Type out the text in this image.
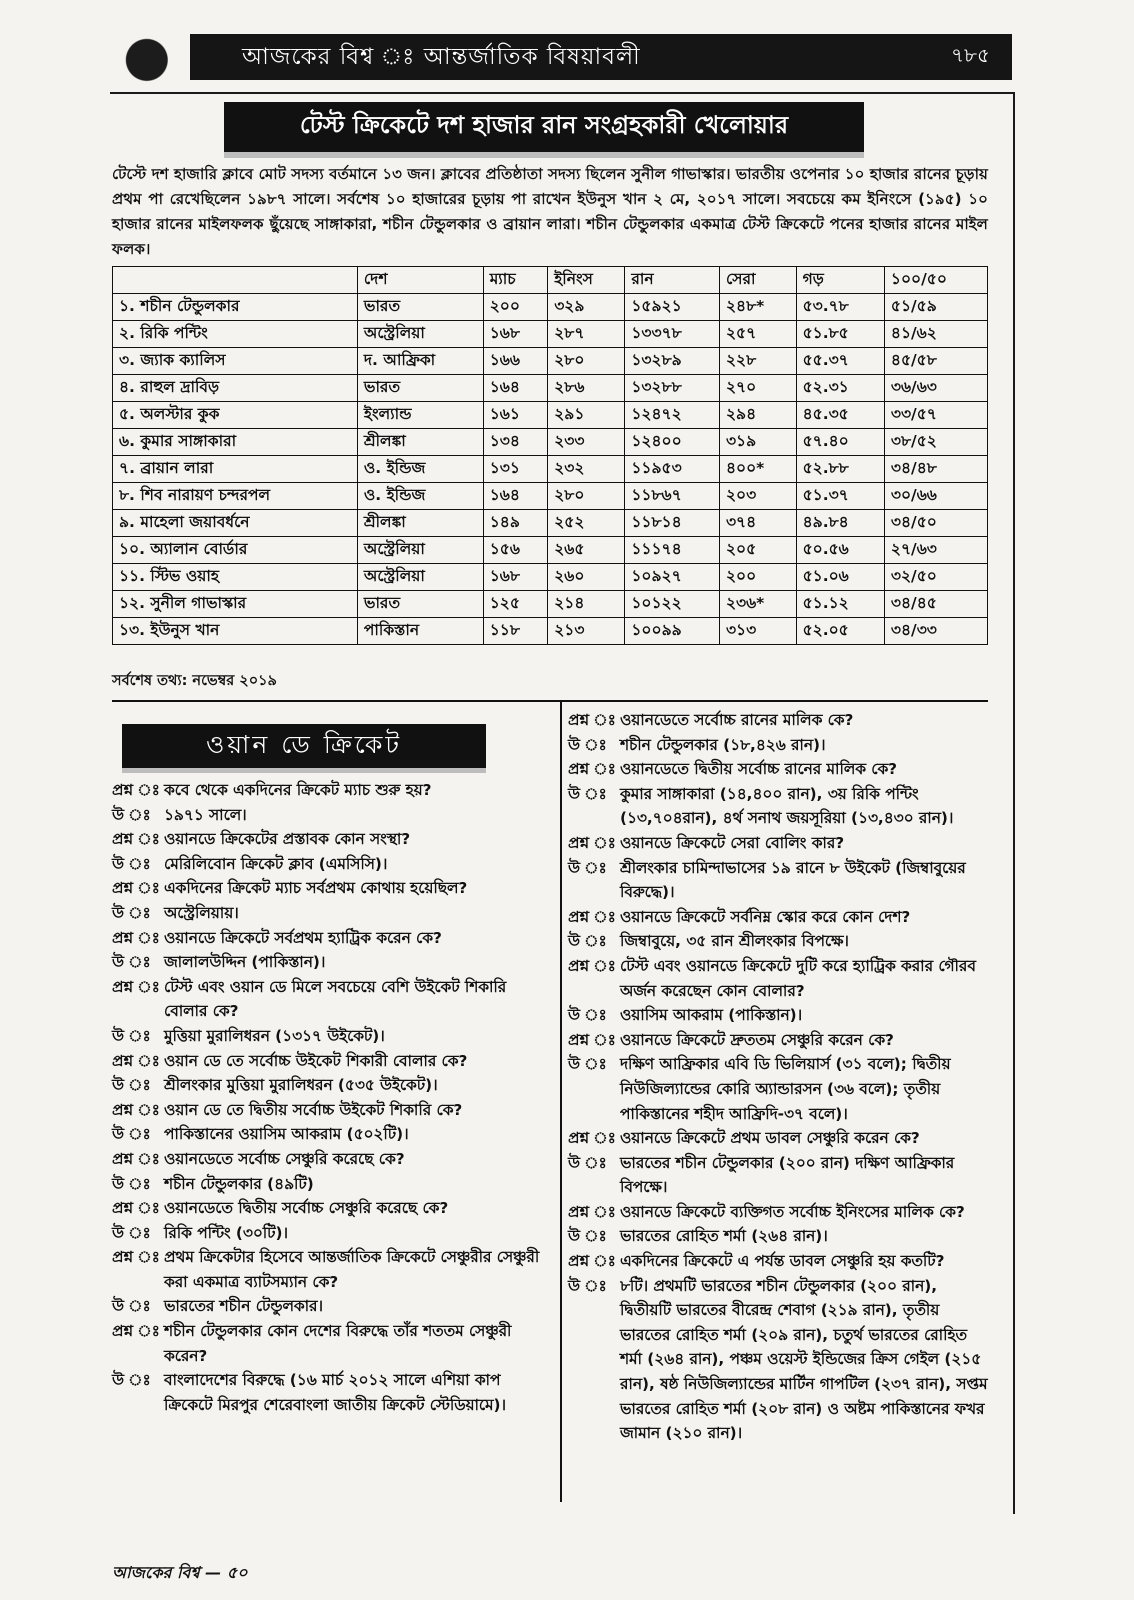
আজকের বিশ্ব ঃ আন্তর্জাতিক বিষয়াবলী	৭৮৫
টেস্ট ক্রিকেটে দশ হাজার রান সংগ্রহকারী খেলোয়ার
টেস্টে দশ হাজারি ক্লাবে মোট সদস্য বর্তমানে ১৩ জন। ক্লাবের প্রতিষ্ঠাতা সদস্য ছিলেন সুনীল গাভাস্কার। ভারতীয় ওপেনার ১০ হাজার রানের চূড়ায় প্রথম পা রেখেছিলেন ১৯৮৭ সালে। সর্বশেষ ১০ হাজারের চূড়ায় পা রাখেন ইউনুস খান ২ মে, ২০১৭ সালে। সবচেয়ে কম ইনিংসে (১৯৫) ১০ হাজার রানের মাইলফলক ছুঁয়েছে সাঙ্গাকারা, শচীন টেন্ডুলকার ও ব্রায়ান লারা। শচীন টেন্ডুলকার একমাত্র টেস্ট ক্রিকেটে পনের হাজার রানের মাইল ফলক।
	দেশ	ম্যাচ	ইনিংস	রান	সেরা	গড়	১০০/৫০
১. শচীন টেন্ডুলকার	ভারত	২০০	৩২৯	১৫৯২১	২৪৮*	৫৩.৭৮	৫১/৫৯
২. রিকি পন্টিং	অস্ট্রেলিয়া	১৬৮	২৮৭	১৩৩৭৮	২৫৭	৫১.৮৫	৪১/৬২
৩. জ্যাক ক্যালিস	দ. আফ্রিকা	১৬৬	২৮০	১৩২৮৯	২২৮	৫৫.৩৭	৪৫/৫৮
৪. রাহুল দ্রাবিড়	ভারত	১৬৪	২৮৬	১৩২৮৮	২৭০	৫২.৩১	৩৬/৬৩
৫. অলস্টার কুক	ইংল্যান্ড	১৬১	২৯১	১২৪৭২	২৯৪	৪৫.৩৫	৩৩/৫৭
৬. কুমার সাঙ্গাকারা	শ্রীলঙ্কা	১৩৪	২৩৩	১২৪০০	৩১৯	৫৭.৪০	৩৮/৫২
৭. ব্রায়ান লারা	ও. ইন্ডিজ	১৩১	২৩২	১১৯৫৩	৪০০*	৫২.৮৮	৩৪/৪৮
৮. শিব নারায়ণ চন্দরপল	ও. ইন্ডিজ	১৬৪	২৮০	১১৮৬৭	২০৩	৫১.৩৭	৩০/৬৬
৯. মাহেলা জয়াবর্ধনে	শ্রীলঙ্কা	১৪৯	২৫২	১১৮১৪	৩৭৪	৪৯.৮৪	৩৪/৫০
১০. অ্যালান বোর্ডার	অস্ট্রেলিয়া	১৫৬	২৬৫	১১১৭৪	২০৫	৫০.৫৬	২৭/৬৩
১১. স্টিভ ওয়াহ	অস্ট্রেলিয়া	১৬৮	২৬০	১০৯২৭	২০০	৫১.০৬	৩২/৫০
১২. সুনীল গাভাস্কার	ভারত	১২৫	২১৪	১০১২২	২৩৬*	৫১.১২	৩৪/৪৫
১৩. ইউনুস খান	পাকিস্তান	১১৮	২১৩	১০০৯৯	৩১৩	৫২.০৫	৩৪/৩৩
সর্বশেষ তথ্য: নভেম্বর ২০১৯
ওয়ান ডে ক্রিকেট
প্রশ্ন ঃ কবে থেকে একদিনের ক্রিকেট ম্যাচ শুরু হয়?
উ ঃ ১৯৭১ সালে।
প্রশ্ন ঃ ওয়ানডে ক্রিকেটের প্রস্তাবক কোন সংস্থা?
উ ঃ মেরিলিবোন ক্রিকেট ক্লাব (এমসিসি)।
প্রশ্ন ঃ একদিনের ক্রিকেট ম্যাচ সর্বপ্রথম কোথায় হয়েছিল?
উ ঃ অস্ট্রেলিয়ায়।
প্রশ্ন ঃ ওয়ানডে ক্রিকেটে সর্বপ্রথম হ্যাট্রিক করেন কে?
উ ঃ জালালউদ্দিন (পাকিস্তান)।
প্রশ্ন ঃ টেস্ট এবং ওয়ান ডে মিলে সবচেয়ে বেশি উইকেট শিকারি বোলার কে?
উ ঃ মুত্তিয়া মুরালিধরন (১৩১৭ উইকেট)।
প্রশ্ন ঃ ওয়ান ডে তে সর্বোচ্চ উইকেট শিকারী বোলার কে?
উ ঃ শ্রীলংকার মুত্তিয়া মুরালিধরন (৫৩৫ উইকেট)।
প্রশ্ন ঃ ওয়ান ডে তে দ্বিতীয় সর্বোচ্চ উইকেট শিকারি কে?
উ ঃ পাকিস্তানের ওয়াসিম আকরাম (৫০২টি)।
প্রশ্ন ঃ ওয়ানডেতে সর্বোচ্চ সেঞ্চুরি করেছে কে?
উ ঃ শচীন টেন্ডুলকার (৪৯টি)
প্রশ্ন ঃ ওয়ানডেতে দ্বিতীয় সর্বোচ্চ সেঞ্চুরি করেছে কে?
উ ঃ রিকি পন্টিং (৩০টি)।
প্রশ্ন ঃ প্রথম ক্রিকেটার হিসেবে আন্তর্জাতিক ক্রিকেটে সেঞ্চুরীর সেঞ্চুরী করা একমাত্র ব্যাটসম্যান কে?
উ ঃ ভারতের শচীন টেন্ডুলকার।
প্রশ্ন ঃ শচীন টেন্ডুলকার কোন দেশের বিরুদ্ধে তাঁর শততম সেঞ্চুরী করেন?
উ ঃ বাংলাদেশের বিরুদ্ধে (১৬ মার্চ ২০১২ সালে এশিয়া কাপ ক্রিকেটে মিরপুর শেরেবাংলা জাতীয় ক্রিকেট স্টেডিয়ামে)।
প্রশ্ন ঃ ওয়ানডেতে সর্বোচ্চ রানের মালিক কে?
উ ঃ শচীন টেন্ডুলকার (১৮,৪২৬ রান)।
প্রশ্ন ঃ ওয়ানডেতে দ্বিতীয় সর্বোচ্চ রানের মালিক কে?
উ ঃ কুমার সাঙ্গাকারা (১৪,৪০০ রান), ৩য় রিকি পন্টিং (১৩,৭০৪রান), ৪র্থ সনাথ জয়সূরিয়া (১৩,৪৩০ রান)।
প্রশ্ন ঃ ওয়ানডে ক্রিকেটে সেরা বোলিং কার?
উ ঃ শ্রীলংকার চামিন্দাভাসের ১৯ রানে ৮ উইকেট (জিম্বাবুয়ের বিরুদ্ধে)।
প্রশ্ন ঃ ওয়ানডে ক্রিকেটে সর্বনিম্ন স্কোর করে কোন দেশ?
উ ঃ জিম্বাবুয়ে, ৩৫ রান শ্রীলংকার বিপক্ষে।
প্রশ্ন ঃ টেস্ট এবং ওয়ানডে ক্রিকেটে দুটি করে হ্যাট্রিক করার গৌরব অর্জন করেছেন কোন বোলার?
উ ঃ ওয়াসিম আকরাম (পাকিস্তান)।
প্রশ্ন ঃ ওয়ানডে ক্রিকেটে দ্রুততম সেঞ্চুরি করেন কে?
উ ঃ দক্ষিণ আফ্রিকার এবি ডি ভিলিয়ার্স (৩১ বলে); দ্বিতীয় নিউজিল্যান্ডের কোরি অ্যান্ডারসন (৩৬ বলে); তৃতীয় পাকিস্তানের শহীদ আফ্রিদি-৩৭ বলে)।
প্রশ্ন ঃ ওয়ানডে ক্রিকেটে প্রথম ডাবল সেঞ্চুরি করেন কে?
উ ঃ ভারতের শচীন টেন্ডুলকার (২০০ রান) দক্ষিণ আফ্রিকার বিপক্ষে।
প্রশ্ন ঃ ওয়ানডে ক্রিকেটে ব্যক্তিগত সর্বোচ্চ ইনিংসের মালিক কে?
উ ঃ ভারতের রোহিত শর্মা (২৬৪ রান)।
প্রশ্ন ঃ একদিনের ক্রিকেটে এ পর্যন্ত ডাবল সেঞ্চুরি হয় কতটি?
উ ঃ ৮টি। প্রথমটি ভারতের শচীন টেন্ডুলকার (২০০ রান), দ্বিতীয়টি ভারতের বীরেন্দ্র শেবাগ (২১৯ রান), তৃতীয় ভারতের রোহিত শর্মা (২০৯ রান), চতুর্থ ভারতের রোহিত শর্মা (২৬৪ রান), পঞ্চম ওয়েস্ট ইন্ডিজের ক্রিস গেইল (২১৫ রান), ষষ্ঠ নিউজিল্যান্ডের মার্টিন গাপটিল (২৩৭ রান), সপ্তম ভারতের রোহিত শর্মা (২০৮ রান) ও অষ্টম পাকিস্তানের ফখর জামান (২১০ রান)।
আজকের বিশ্ব — ৫০
